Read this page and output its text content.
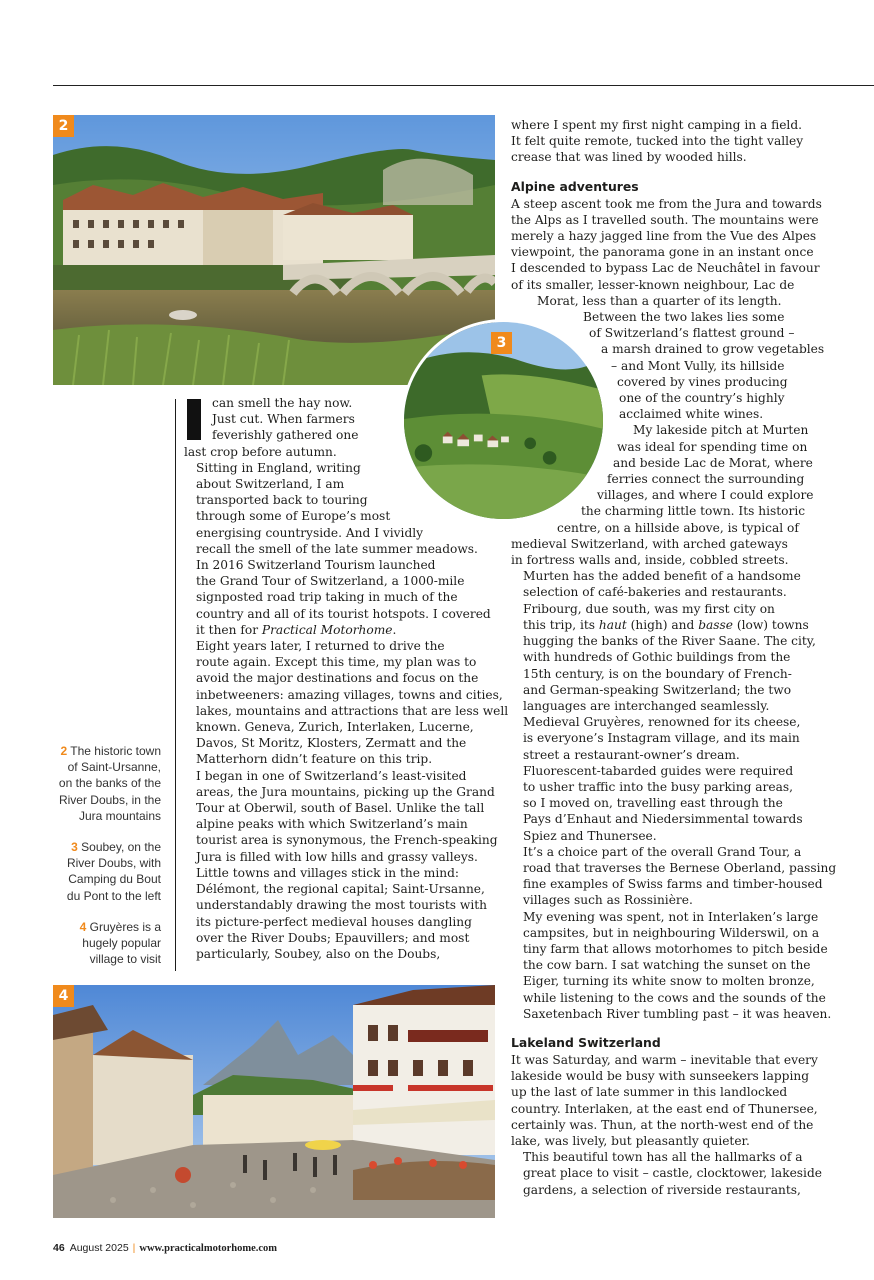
2
3
4
2 The historic town
of Saint-Ursanne,
on the banks of the
River Doubs, in the
Jura mountains
3 Soubey, on the
River Doubs, with
Camping du Bout
du Pont to the left
4 Gruyères is a
hugely popular
village to visit

can smell the hay now.
Just cut. When farmers
feverishly gathered one
last crop before autumn.

Sitting in England, writing
about Switzerland, I am
transported back to touring
through some of Europe’s most
energising countryside. And I vividly
recall the smell of the late summer meadows.

In 2016 Switzerland Tourism launched
the Grand Tour of Switzerland, a 1000-mile
signposted road trip taking in much of the
country and all of its tourist hotspots. I covered
it then for Practical Motorhome.

Eight years later, I returned to drive the
route again. Except this time, my plan was to
avoid the major destinations and focus on the
inbetweeners: amazing villages, towns and cities,
lakes, mountains and attractions that are less well
known. Geneva, Zurich, Interlaken, Lucerne,
Davos, St Moritz, Klosters, Zermatt and the
Matterhorn didn’t feature on this trip.

I began in one of Switzerland’s least-visited
areas, the Jura mountains, picking up the Grand
Tour at Oberwil, south of Basel. Unlike the tall
alpine peaks with which Switzerland’s main
tourist area is synonymous, the French-speaking
Jura is filled with low hills and grassy valleys.

Little towns and villages stick in the mind:
Délémont, the regional capital; Saint-Ursanne,
understandably drawing the most tourists with
its picture-perfect medieval houses dangling
over the River Doubs; Epauvillers; and most
particularly, Soubey, also on the Doubs,

where I spent my first night camping in a field.
It felt quite remote, tucked into the tight valley
crease that was lined by wooded hills.

Alpine adventures

A steep ascent took me from the Jura and towards
the Alps as I travelled south. The mountains were
merely a hazy jagged line from the Vue des Alpes
viewpoint, the panorama gone in an instant once
I descended to bypass Lac de Neuchâtel in favour
of its smaller, lesser-known neighbour, Lac de
Morat, less than a quarter of its length.

Between the two lakes lies some
of Switzerland’s flattest ground –
a marsh drained to grow vegetables
– and Mont Vully, its hillside
covered by vines producing
one of the country’s highly
acclaimed white wines.

My lakeside pitch at Murten
was ideal for spending time on
and beside Lac de Morat, where
ferries connect the surrounding
villages, and where I could explore
the charming little town. Its historic
centre, on a hillside above, is typical of
medieval Switzerland, with arched gateways
in fortress walls and, inside, cobbled streets.

Murten has the added benefit of a handsome
selection of café-bakeries and restaurants.

Fribourg, due south, was my first city on
this trip, its haut (high) and basse (low) towns
hugging the banks of the River Saane. The city,
with hundreds of Gothic buildings from the
15th century, is on the boundary of French-
and German-speaking Switzerland; the two
languages are interchanged seamlessly.

Medieval Gruyères, renowned for its cheese,
is everyone’s Instagram village, and its main
street a restaurant-owner’s dream.

Fluorescent-tabarded guides were required
to usher traffic into the busy parking areas,
so I moved on, travelling east through the
Pays d’Enhaut and Niedersimmental towards
Spiez and Thunersee.

It’s a choice part of the overall Grand Tour, a
road that traverses the Bernese Oberland, passing
fine examples of Swiss farms and timber-housed
villages such as Rossinière.

My evening was spent, not in Interlaken’s large
campsites, but in neighbouring Wilderswil, on a
tiny farm that allows motorhomes to pitch beside
the cow barn. I sat watching the sunset on the
Eiger, turning its white snow to molten bronze,
while listening to the cows and the sounds of the
Saxetenbach River tumbling past – it was heaven.

Lakeland Switzerland

It was Saturday, and warm – inevitable that every
lakeside would be busy with sunseekers lapping
up the last of late summer in this landlocked
country. Interlaken, at the east end of Thunersee,
certainly was. Thun, at the north-west end of the
lake, was lively, but pleasantly quieter.

This beautiful town has all the hallmarks of a
great place to visit – castle, clocktower, lakeside
gardens, a selection of riverside restaurants,

46 August 2025 | www.practicalmotorhome.com
